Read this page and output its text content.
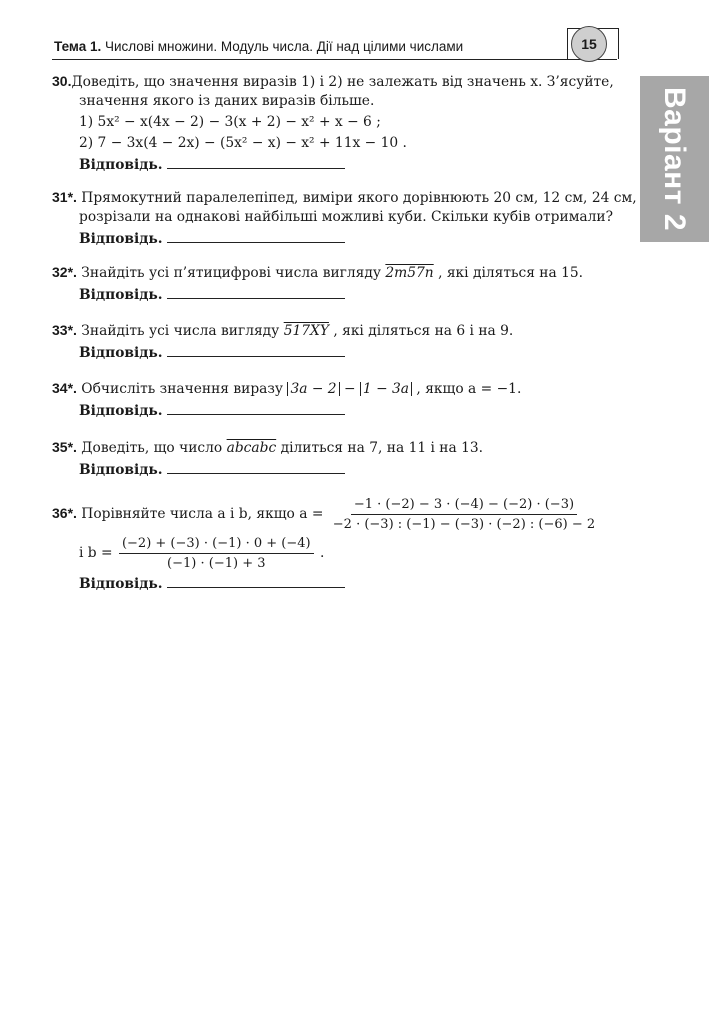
Тема 1. Числові множини. Модуль числа. Дії над цілими числами	15
Варіант 2
30.Доведіть, що значення виразів 1) і 2) не залежать від значень x. З’ясуйте,
значення якого із даних виразів більше.
1) 5x² − x(4x − 2) − 3(x + 2) − x² + x − 6 ;
2) 7 − 3x(4 − 2x) − (5x² − x) − x² + 11x − 10 .
Відповідь.
31*. Прямокутний паралелепіпед, виміри якого дорівнюють 20 см, 12 см, 24 см,
розрізали на однакові найбільші можливі куби. Скільки кубів отримали?
Відповідь.
32*. Знайдіть усі п’ятицифрові числа вигляду 2m57n , які діляться на 15.
Відповідь.
33*. Знайдіть усі числа вигляду 517XY , які діляться на 6 і на 9.
Відповідь.
34*. Обчисліть значення виразу 3a − 2 − 1 − 3a , якщо a = −1.
Відповідь.
35*. Доведіть, що число abcabc ділиться на 7, на 11 і на 13.
Відповідь.
36*. Порівняйте числа a і b, якщо $a = \frac{-1 \cdot (-2) - 3 \cdot (-4) - (-2) \cdot (-3)}{-2 \cdot (-3) : (-1) - (-3) \cdot (-2) : (-6) - 2}$
і $b = \frac{(-2) + (-3) \cdot (-1) \cdot 0 + (-4)}{(-1) \cdot (-1) + 3}$ .
Відповідь.
